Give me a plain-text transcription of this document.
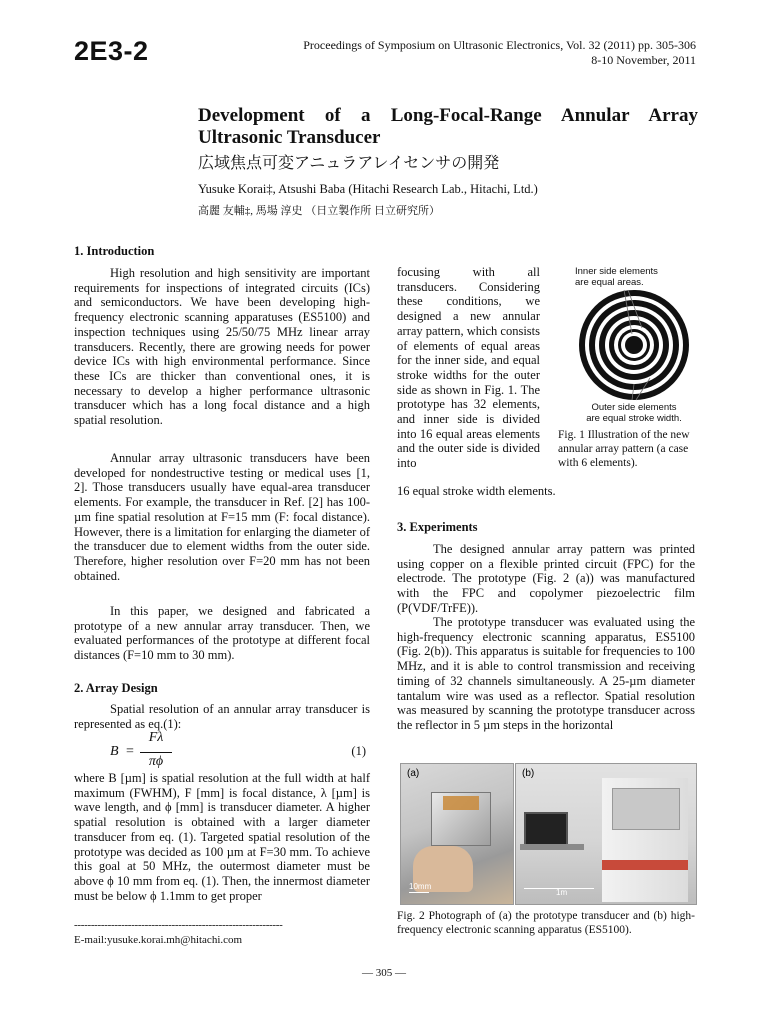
2E3-2	Proceedings of Symposium on Ultrasonic Electronics, Vol. 32 (2011) pp. 305-306
8-10 November, 2011
Development of a Long-Focal-Range Annular Array
Ultrasonic Transducer
広域焦点可変アニュラアレイセンサの開発
Yusuke Korai‡, Atsushi Baba (Hitachi Research Lab., Hitachi, Ltd.)
高麗 友輔‡, 馬場 淳史 （日立製作所 日立研究所）
1. Introduction

High resolution and high sensitivity are important requirements for inspections of integrated circuits (ICs) and semiconductors. We have been developing high-frequency electronic scanning apparatuses (ES5100) and inspection techniques using 25/50/75 MHz linear array transducers. Recently, there are growing needs for power device ICs with high environmental performance. Since these ICs are thicker than conventional ones, it is necessary to develop a higher performance ultrasonic transducer which has a long focal distance and a high spatial resolution.

Annular array ultrasonic transducers have been developed for nondestructive testing or medical uses [1, 2]. Those transducers usually have equal-area transducer elements. For example, the transducer in Ref. [2] has 100-µm fine spatial resolution at F=15 mm (F: focal distance). However, there is a limitation for enlarging the diameter of the transducer due to element widths from the outer side. Therefore, higher resolution over F=20 mm has not been obtained.

In this paper, we designed and fabricated a prototype of a new annular array transducer. Then, we evaluated performances of the prototype at different focal distances (F=10 mm to 30 mm).

2. Array Design

Spatial resolution of an annular array transducer is represented as eq.(1):

B =
Fλ
πϕ
(1)

where B [µm] is spatial resolution at the full width at half maximum (FWHM), F [mm] is focal distance, λ [µm] is wave length, and ϕ [mm] is transducer diameter. A higher spatial resolution is obtained with a larger diameter transducer from eq. (1). Targeted spatial resolution of the prototype was decided as 100 µm at F=30 mm. To achieve this goal at 50 MHz, the outermost diameter must be above ϕ 10 mm from eq. (1). Then, the innermost diameter must be below ϕ 1.1mm to get proper

--------------------------------------------------------------
E-mail:yusuke.korai.mh@hitachi.com

focusing with all transducers. Considering these conditions, we designed a new annular array pattern, which consists of elements of equal areas for the inner side, and equal stroke widths for the outer side as shown in Fig. 1. The prototype has 32 elements, and inner side is divided into 16 equal areas elements and the outer side is divided into

16 equal stroke width elements.
Inner side elements
are equal areas.
Outer side elements
are equal stroke width.
Fig. 1 Illustration of the new annular array pattern (a case with 6 elements).
3. Experiments

The designed annular array pattern was printed using copper on a flexible printed circuit (FPC) for the electrode. The prototype (Fig. 2 (a)) was manufactured with the FPC and copolymer piezoelectric film (P(VDF/TrFE)).

The prototype transducer was evaluated using the high-frequency electronic scanning apparatus, ES5100 (Fig. 2(b)). This apparatus is suitable for frequencies to 100 MHz, and it is able to control transmission and receiving timing of 32 channels simultaneously. A 25-µm diameter tantalum wire was used as a reflector. Spatial resolution was measured by scanning the prototype transducer across the reflector in 5 µm steps in the horizontal

(a)
10mm
(b)
1m
Fig. 2 Photograph of (a) the prototype transducer and (b) high-frequency electronic scanning apparatus (ES5100).
― 305 ―
